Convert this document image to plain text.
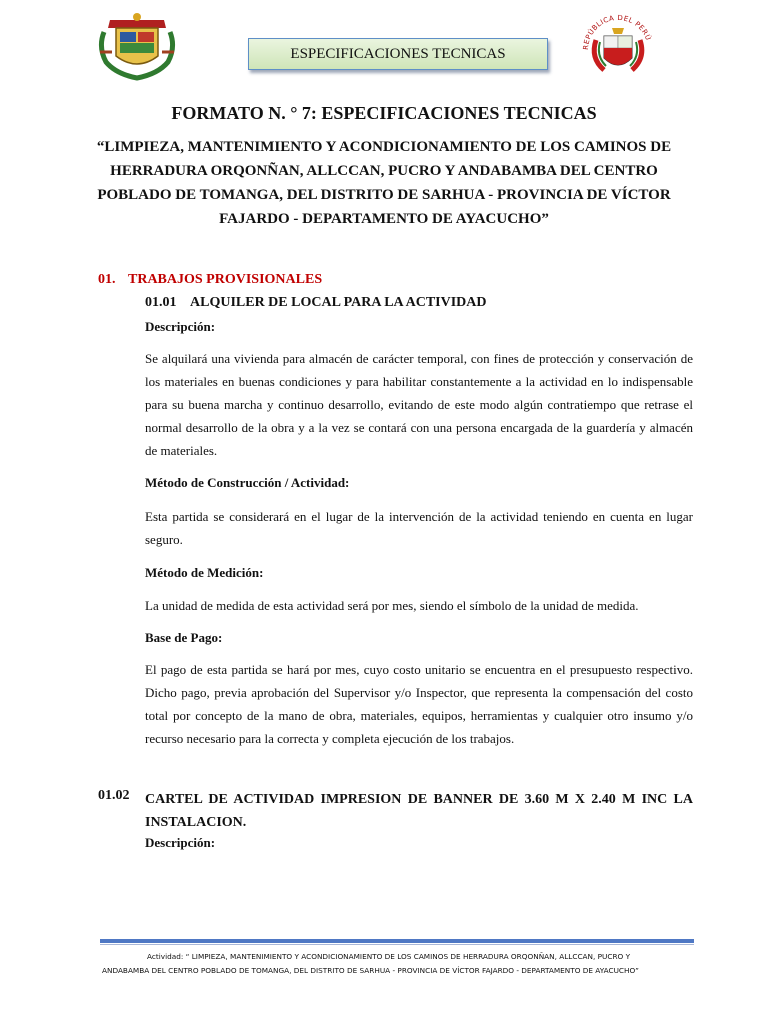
ESPECIFICACIONES TECNICAS	REPÚBLICA DEL PERÚ
FORMATO N. ° 7: ESPECIFICACIONES TECNICAS
“LIMPIEZA, MANTENIMIENTO Y ACONDICIONAMIENTO DE LOS CAMINOS DE
HERRADURA ORQONÑAN, ALLCCAN, PUCRO Y ANDABAMBA DEL CENTRO
POBLADO DE TOMANGA, DEL DISTRITO DE SARHUA - PROVINCIA DE VÍCTOR
FAJARDO - DEPARTAMENTO DE AYACUCHO”
01. TRABAJOS PROVISIONALES
01.01 ALQUILER DE LOCAL PARA LA ACTIVIDAD
Descripción:
Se alquilará una vivienda para almacén de carácter temporal, con fines de protección y conservación de los materiales en buenas condiciones y para habilitar constantemente a la actividad en lo indispensable para su buena marcha y continuo desarrollo, evitando de este modo algún contratiempo que retrase el normal desarrollo de la obra y a la vez se contará con una persona encargada de la guardería y almacén de materiales.
Método de Construcción / Actividad:
Esta partida se considerará en el lugar de la intervención de la actividad teniendo en cuenta en lugar seguro.
Método de Medición:
La unidad de medida de esta actividad será por mes, siendo el símbolo de la unidad de medida.
Base de Pago:
El pago de esta partida se hará por mes, cuyo costo unitario se encuentra en el presupuesto respectivo. Dicho pago, previa aprobación del Supervisor y/o Inspector, que representa la compensación del costo total por concepto de la mano de obra, materiales, equipos, herramientas y cualquier otro insumo y/o recurso necesario para la correcta y completa ejecución de los trabajos.
01.02 CARTEL DE ACTIVIDAD IMPRESION DE BANNER DE 3.60 M X 2.40 M INC LA INSTALACION.
Descripción:
Actividad: “ LIMPIEZA, MANTENIMIENTO Y ACONDICIONAMIENTO DE LOS CAMINOS DE HERRADURA ORQONÑAN, ALLCCAN, PUCRO Y
ANDABAMBA DEL CENTRO POBLADO DE TOMANGA, DEL DISTRITO DE SARHUA - PROVINCIA DE VÍCTOR FAJARDO - DEPARTAMENTO DE AYACUCHO”
